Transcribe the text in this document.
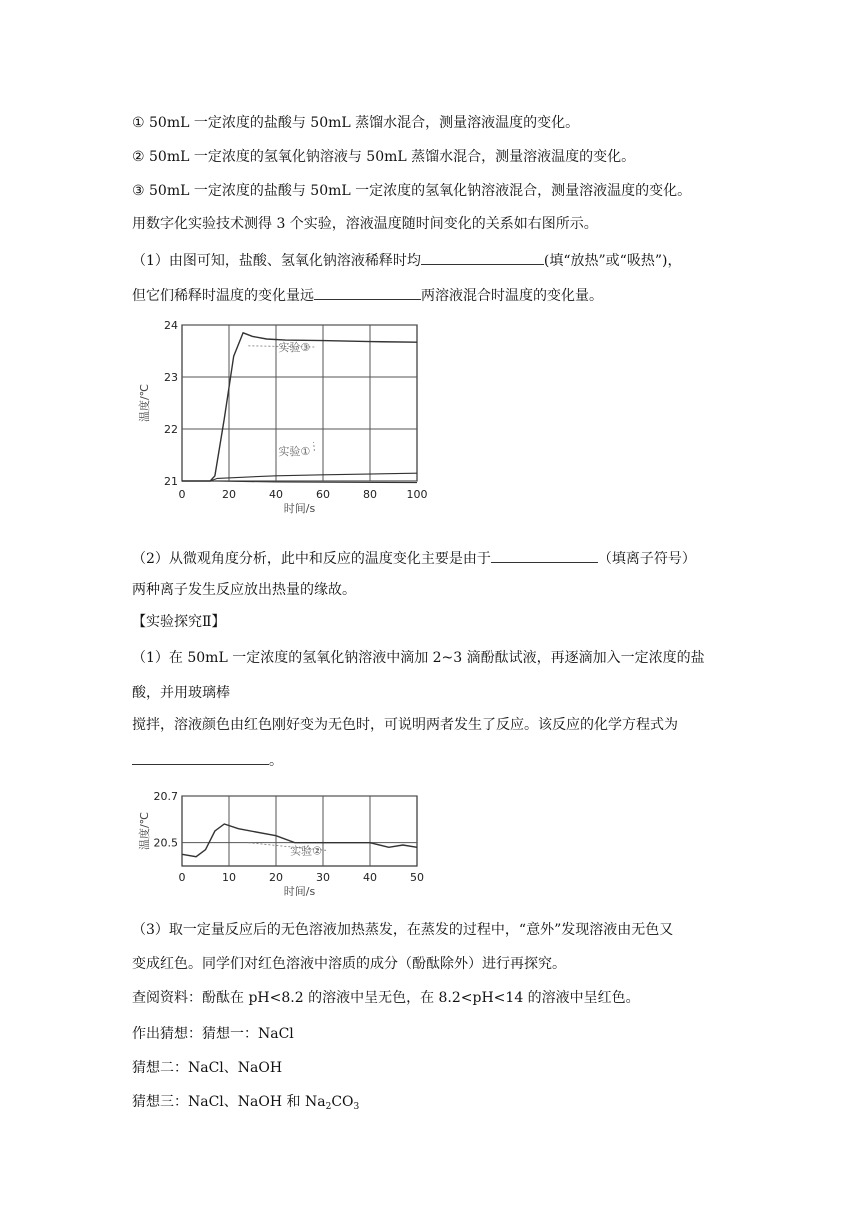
① 50mL 一定浓度的盐酸与 50mL 蒸馏水混合，测量溶液温度的变化。
② 50mL 一定浓度的氢氧化钠溶液与 50mL 蒸馏水混合，测量溶液温度的变化。
③ 50mL 一定浓度的盐酸与 50mL 一定浓度的氢氧化钠溶液混合，测量溶液温度的变化。
用数字化实验技术测得 3 个实验，溶液温度随时间变化的关系如右图所示。
（1）由图可知，盐酸、氢氧化钠溶液稀释时均	(填“放热”或“吸热”)，
但它们稀释时温度的变化量远	两溶液混合时温度的变化量。
0	20	40	60	80	100
21
22
23
24
时间/s
温度/℃
实验③
实验①
（2）从微观角度分析，此中和反应的温度变化主要是由于	（填离子符号）
两种离子发生反应放出热量的缘故。
【实验探究Ⅱ】
（1）在 50mL 一定浓度的氢氧化钠溶液中滴加 2~3 滴酚酞试液，再逐滴加入一定浓度的盐
酸，并用玻璃棒
搅拌，溶液颜色由红色刚好变为无色时，可说明两者发生了反应。该反应的化学方程式为
。
0	10	20	30	40	50
20.5
20.7
时间/s
温度/℃
实验②
（3）取一定量反应后的无色溶液加热蒸发，在蒸发的过程中，“意外”发现溶液由无色又
变成红色。同学们对红色溶液中溶质的成分（酚酞除外）进行再探究。
查阅资料：酚酞在 pH<8.2 的溶液中呈无色，在 8.2<pH<14 的溶液中呈红色。
作出猜想：猜想一：NaCl
猜想二：NaCl、NaOH
猜想三：NaCl、NaOH 和 $Na_2CO_3$
